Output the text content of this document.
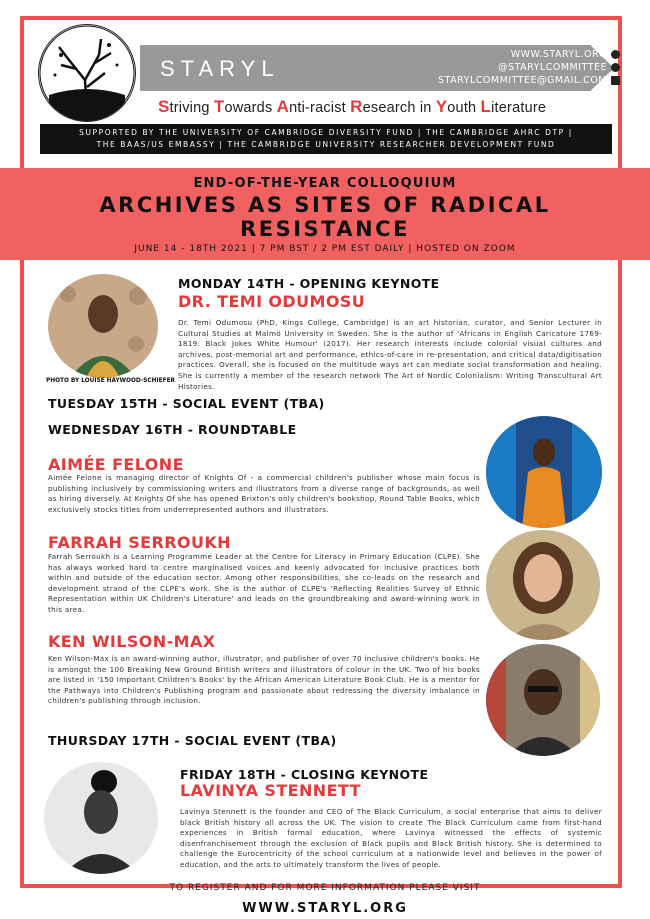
STARYL
WWW.STARYL.ORG
@STARYLCOMMITTEE
STARYLCOMMITTEE@GMAIL.COM
Striving Towards Anti-racist Research in Youth Literature
SUPPORTED BY THE UNIVERSITY OF CAMBRIDGE DIVERSITY FUND | THE CAMBRIDGE AHRC DTP |
THE BAAS/US EMBASSY | THE CAMBRIDGE UNIVERSITY RESEARCHER DEVELOPMENT FUND
END-OF-THE-YEAR COLLOQUIUM
ARCHIVES AS SITES OF RADICAL
RESISTANCE
JUNE 14 - 18TH 2021 | 7 PM BST / 2 PM EST DAILY | HOSTED ON ZOOM
PHOTO BY LOUISE HAYWOOD-SCHIEFER
MONDAY 14TH - OPENING KEYNOTE
DR. TEMI ODUMOSU
Dr. Temi Odumosu (PhD, Kings College, Cambridge) is an art historian, curator, and Senior Lecturer in Cultural Studies at Malmö University in Sweden. She is the author of 'Africans in English Caricature 1769-1819: Black Jokes White Humour' (2017). Her research interests include colonial visual cultures and archives, post-memorial art and performance, ethics-of-care in re-presentation, and critical data/digitisation practices. Overall, she is focused on the multitude ways art can mediate social transformation and healing. She is currently a member of the research network The Art of Nordic Colonialism: Writing Transcultural Art Histories.
TUESDAY 15TH - SOCIAL EVENT (TBA)
WEDNESDAY 16TH - ROUNDTABLE
AIMÉE FELONE
Aimée Felone is managing director of Knights Of - a commercial children's publisher whose main focus is publishing inclusively by commissioning writers and illustrators from a diverse range of backgrounds, as well as hiring diversely. At Knights Of she has opened Brixton's only children's bookshop, Round Table Books, which exclusively stocks titles from underrepresented authors and illustrators.
FARRAH SERROUKH
Farrah Serroukh is a Learning Programme Leader at the Centre for Literacy in Primary Education (CLPE). She has always worked hard to centre marginalised voices and keenly advocated for inclusive practices both within and outside of the education sector. Among other responsibilities, she co-leads on the research and development strand of the CLPE's work. She is the author of CLPE's 'Reflecting Realities Survey of Ethnic Representation within UK Children's Literature' and leads on the groundbreaking and award-winning work in this area.
KEN WILSON-MAX
Ken Wilson-Max is an award-winning author, illustrator, and publisher of over 70 inclusive children's books. He is amongst the 100 Breaking New Ground British writers and illustrators of colour in the UK. Two of his books are listed in '150 Important Children's Books' by the African American Literature Book Club. He is a mentor for the Pathways into Children's Publishing program and passionate about redressing the diversity imbalance in children's publishing through inclusion.
THURSDAY 17TH - SOCIAL EVENT (TBA)
FRIDAY 18TH - CLOSING KEYNOTE
LAVINYA STENNETT
Lavinya Stennett is the founder and CEO of The Black Curriculum, a social enterprise that aims to deliver black British history all across the UK. The vision to create The Black Curriculum came from first-hand experiences in British formal education, where Lavinya witnessed the effects of systemic disenfranchisement through the exclusion of Black pupils and Black British history. She is determined to challenge the Eurocentricity of the school curriculum at a nationwide level and believes in the power of education, and the arts to ultimately transform the lives of people.
TO REGISTER AND FOR MORE INFORMATION PLEASE VISIT
WWW.STARYL.ORG
